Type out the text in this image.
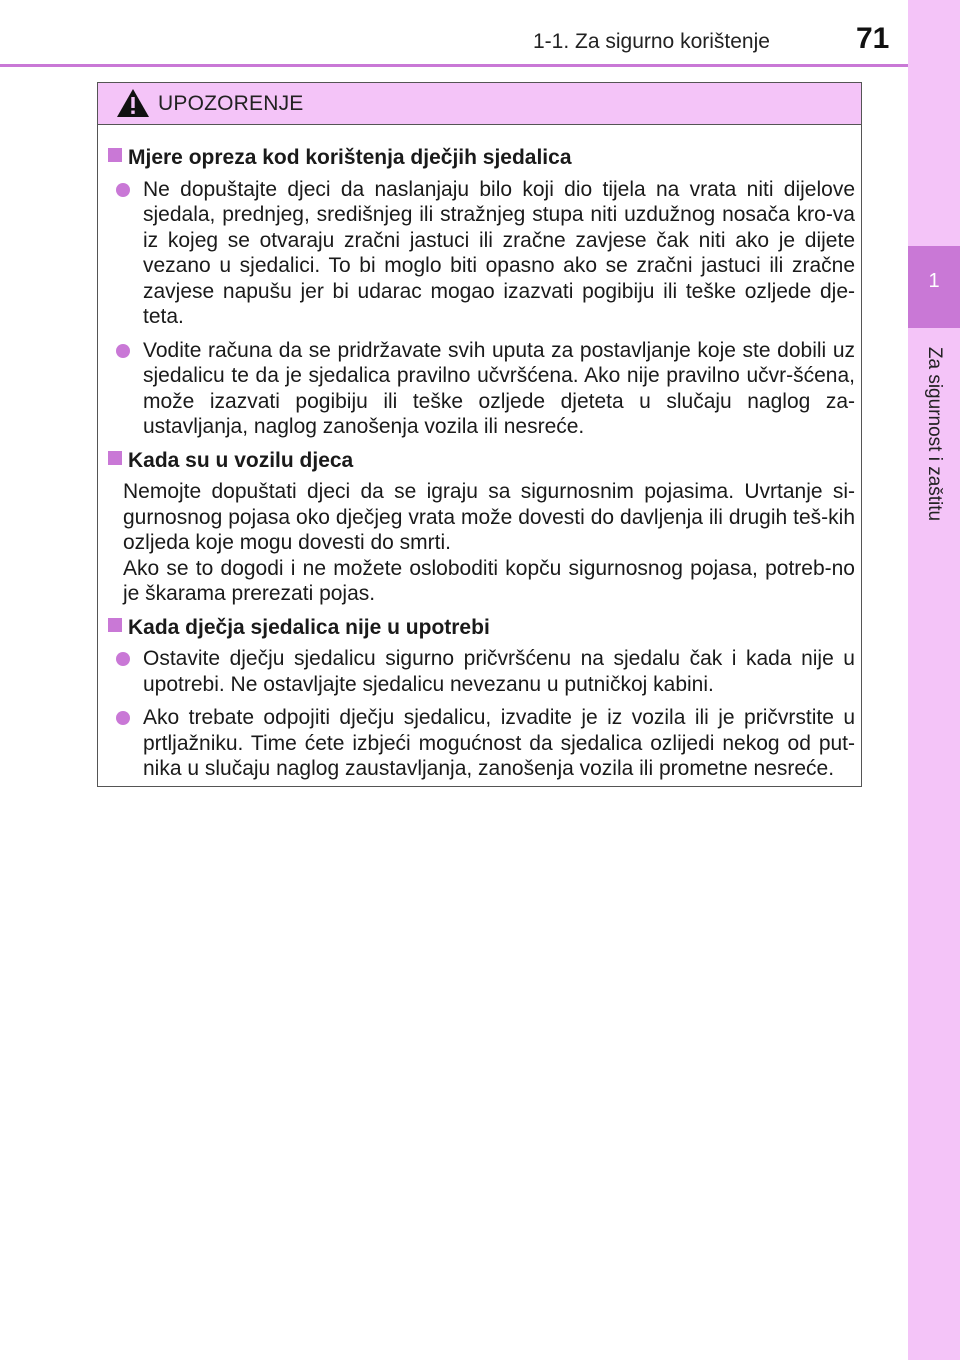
1-1. Za sigurno korištenje	71
1
Za sigurnost i zaštitu
UPOZORENJE
Mjere opreza kod korištenja dječjih sjedalica
Ne dopuštajte djeci da naslanjaju bilo koji dio tijela na vrata niti dijelove sjedala, prednjeg, središnjeg ili stražnjeg stupa niti uzdužnog nosača kro-va iz kojeg se otvaraju zračni jastuci ili zračne zavjese čak niti ako je dijete vezano u sjedalici. To bi moglo biti opasno ako se zračni jastuci ili zračne zavjese napušu jer bi udarac mogao izazvati pogibiju ili teške ozljede dje-teta.
Vodite računa da se pridržavate svih uputa za postavljanje koje ste dobili uz sjedalicu te da je sjedalica pravilno učvršćena. Ako nije pravilno učvr-šćena, može izazvati pogibiju ili teške ozljede djeteta u slučaju naglog za-ustavljanja, naglog zanošenja vozila ili nesreće.
Kada su u vozilu djeca
Nemojte dopuštati djeci da se igraju sa sigurnosnim pojasima. Uvrtanje si-gurnosnog pojasa oko dječjeg vrata može dovesti do davljenja ili drugih teš-kih ozljeda koje mogu dovesti do smrti.
Ako se to dogodi i ne možete osloboditi kopču sigurnosnog pojasa, potreb-no je škarama prerezati pojas.
Kada dječja sjedalica nije u upotrebi
Ostavite dječju sjedalicu sigurno pričvršćenu na sjedalu čak i kada nije u upotrebi. Ne ostavljajte sjedalicu nevezanu u putničkoj kabini.
Ako trebate odpojiti dječju sjedalicu, izvadite je iz vozila ili je pričvrstite u prtljažniku. Time ćete izbjeći mogućnost da sjedalica ozlijedi nekog od put-nika u slučaju naglog zaustavljanja, zanošenja vozila ili prometne nesreće.
